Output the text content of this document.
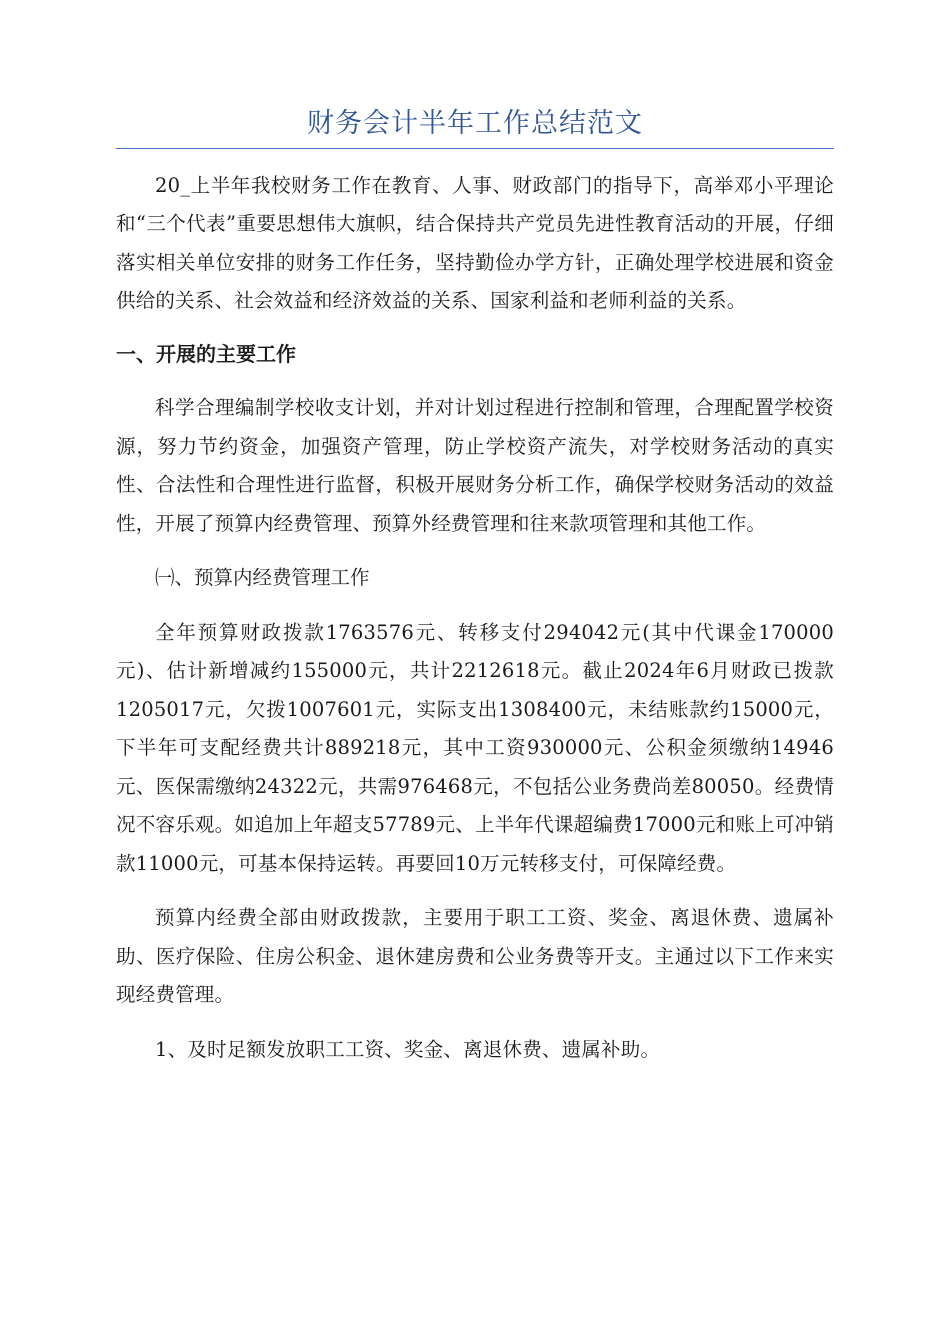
财务会计半年工作总结范文

20_上半年我校财务工作在教育、人事、财政部门的指导下，高举邓小平理论和“三个代表”重要思想伟大旗帜，结合保持共产党员先进性教育活动的开展，仔细落实相关单位安排的财务工作任务，坚持勤俭办学方针，正确处理学校进展和资金供给的关系、社会效益和经济效益的关系、国家利益和老师利益的关系。

一、开展的主要工作

科学合理编制学校收支计划，并对计划过程进行控制和管理，合理配置学校资源，努力节约资金，加强资产管理，防止学校资产流失，对学校财务活动的真实性、合法性和合理性进行监督，积极开展财务分析工作，确保学校财务活动的效益性，开展了预算内经费管理、预算外经费管理和往来款项管理和其他工作。

㈠、预算内经费管理工作

全年预算财政拨款1763576元、转移支付294042元(其中代课金170000元)、估计新增减约155000元，共计2212618元。截止2024年6月财政已拨款1205017元，欠拨1007601元，实际支出1308400元，未结账款约15000元，下半年可支配经费共计889218元，其中工资930000元、公积金须缴纳14946元、医保需缴纳24322元，共需976468元，不包括公业务费尚差80050。经费情况不容乐观。如追加上年超支57789元、上半年代课超编费17000元和账上可冲销款11000元，可基本保持运转。再要回10万元转移支付，可保障经费。

预算内经费全部由财政拨款，主要用于职工工资、奖金、离退休费、遗属补助、医疗保险、住房公积金、退休建房费和公业务费等开支。主通过以下工作来实现经费管理。

1、及时足额发放职工工资、奖金、离退休费、遗属补助。
